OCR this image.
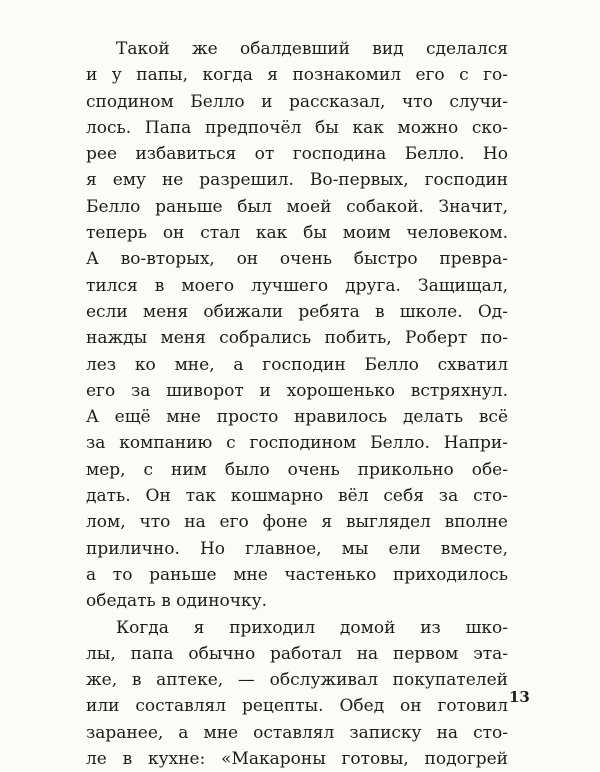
Такой же обалдевший вид сделался
и у папы, когда я познакомил его с го-
сподином Белло и рассказал, что случи-
лось. Папа предпочёл бы как можно ско-
рее избавиться от господина Белло. Но
я ему не разрешил. Во-первых, господин
Белло раньше был моей собакой. Значит,
теперь он стал как бы моим человеком.
А во-вторых, он очень быстро превра-
тился в моего лучшего друга. Защищал,
если меня обижали ребята в школе. Од-
нажды меня собрались побить, Роберт по-
лез ко мне, а господин Белло схватил
его за шиворот и хорошенько встряхнул.
А ещё мне просто нравилось делать всё
за компанию с господином Белло. Напри-
мер, с ним было очень прикольно обе-
дать. Он так кошмарно вёл себя за сто-
лом, что на его фоне я выглядел вполне
прилично. Но главное, мы ели вместе,
а то раньше мне частенько приходилось
обедать в одиночку.
Когда я приходил домой из шко-
лы, папа обычно работал на первом эта-
же, в аптеке, — обслуживал покупателей
или составлял рецепты. Обед он готовил
заранее, а мне оставлял записку на сто-
ле в кухне: «Макароны готовы, подогрей
13
